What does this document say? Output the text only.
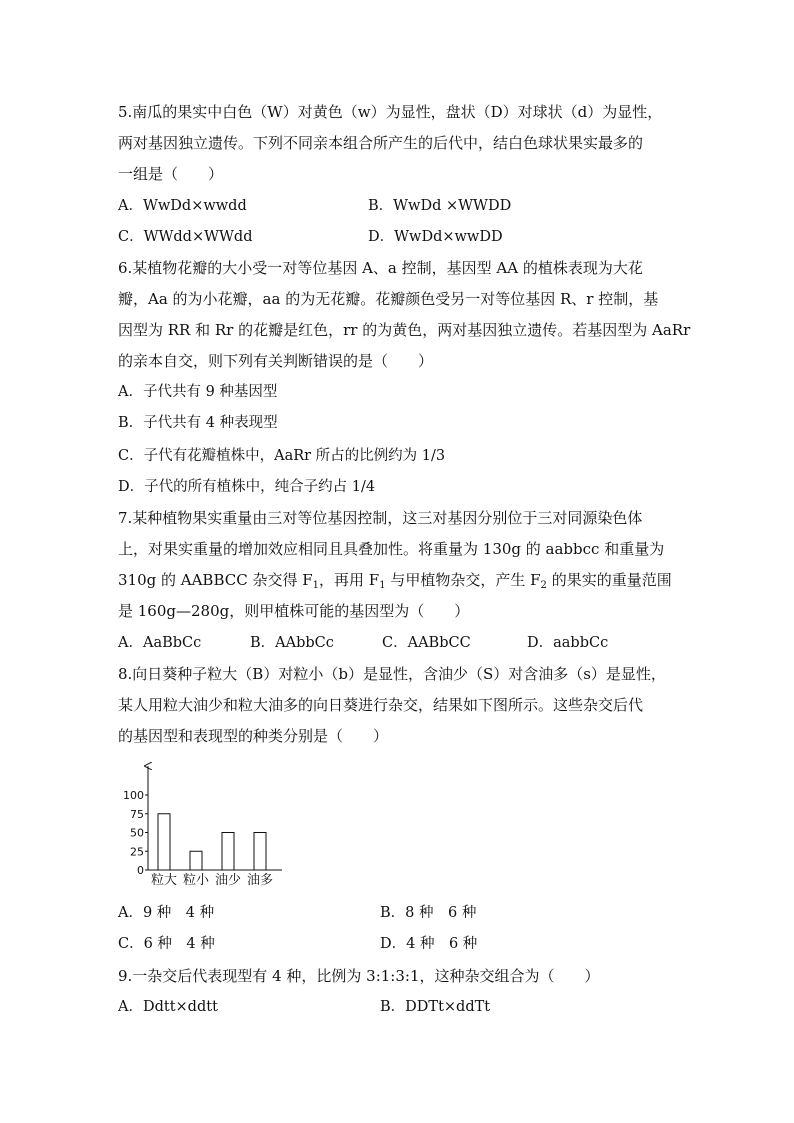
5.南瓜的果实中白色（W）对黄色（w）为显性，盘状（D）对球状（d）为显性，
两对基因独立遗传。下列不同亲本组合所产生的后代中，结白色球状果实最多的
一组是（　　）
A．WwDd×wwdd	B．WwDd ×WWDD
C．WWdd×WWdd	D．WwDd×wwDD
6.某植物花瓣的大小受一对等位基因 A、a 控制，基因型 AA 的植株表现为大花
瓣，Aa 的为小花瓣，aa 的为无花瓣。花瓣颜色受另一对等位基因 R、r 控制，基
因型为 RR 和 Rr 的花瓣是红色，rr 的为黄色，两对基因独立遗传。若基因型为 AaRr
的亲本自交，则下列有关判断错误的是（　　）
A．子代共有 9 种基因型
B．子代共有 4 种表现型
C．子代有花瓣植株中，AaRr 所占的比例约为 1/3
D．子代的所有植株中，纯合子约占 1/4
7.某种植物果实重量由三对等位基因控制，这三对基因分别位于三对同源染色体
上，对果实重量的增加效应相同且具叠加性。将重量为 130g 的 aabbcc 和重量为
310g 的 AABBCC 杂交得 $F_1$，再用 $F_1$ 与甲植物杂交，产生 $F_2$ 的果实的重量范围
是 160g—280g，则甲植株可能的基因型为（　　）
A．AaBbCc	B．AAbbCc	C．AABbCC	D．aabbCc
8.向日葵种子粒大（B）对粒小（b）是显性，含油少（S）对含油多（s）是显性，
某人用粒大油少和粒大油多的向日葵进行杂交，结果如下图所示。这些杂交后代
的基因型和表现型的种类分别是（　　）
0
25
50
75
100
粒大 粒小 油少 油多
A．9 种　4 种	B．8 种　6 种
C．6 种　4 种	D．4 种　6 种
9.一杂交后代表现型有 4 种，比例为 3:1:3:1，这种杂交组合为（　　）
A．Ddtt×ddtt	B．DDTt×ddTt
